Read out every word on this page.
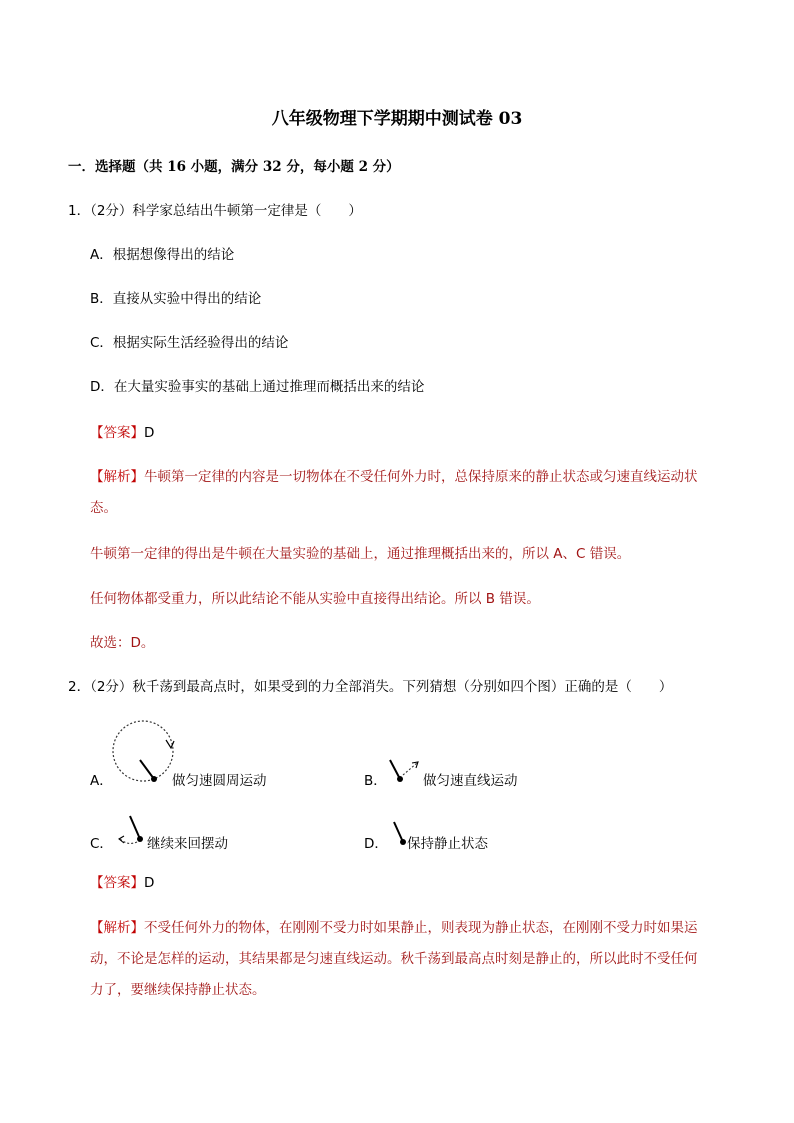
八年级物理下学期期中测试卷 03
一．选择题（共 16 小题，满分 32 分，每小题 2 分）
1．（2分）科学家总结出牛顿第一定律是（　　）
A．根据想像得出的结论
B．直接从实验中得出的结论
C．根据实际生活经验得出的结论
D．在大量实验事实的基础上通过推理而概括出来的结论
【答案】D
【解析】牛顿第一定律的内容是一切物体在不受任何外力时，总保持原来的静止状态或匀速直线运动状
态。
牛顿第一定律的得出是牛顿在大量实验的基础上，通过推理概括出来的，所以 A、C 错误。
任何物体都受重力，所以此结论不能从实验中直接得出结论。所以 B 错误。
故选：D。
2．（2分）秋千荡到最高点时，如果受到的力全部消失。下列猜想（分别如四个图）正确的是（　　）
A．	做匀速圆周运动	B．	做匀速直线运动
C．	继续来回摆动	D． 保持静止状态
【答案】D
【解析】不受任何外力的物体，在刚刚不受力时如果静止，则表现为静止状态，在刚刚不受力时如果运
动，不论是怎样的运动，其结果都是匀速直线运动。秋千荡到最高点时刻是静止的，所以此时不受任何
力了，要继续保持静止状态。
